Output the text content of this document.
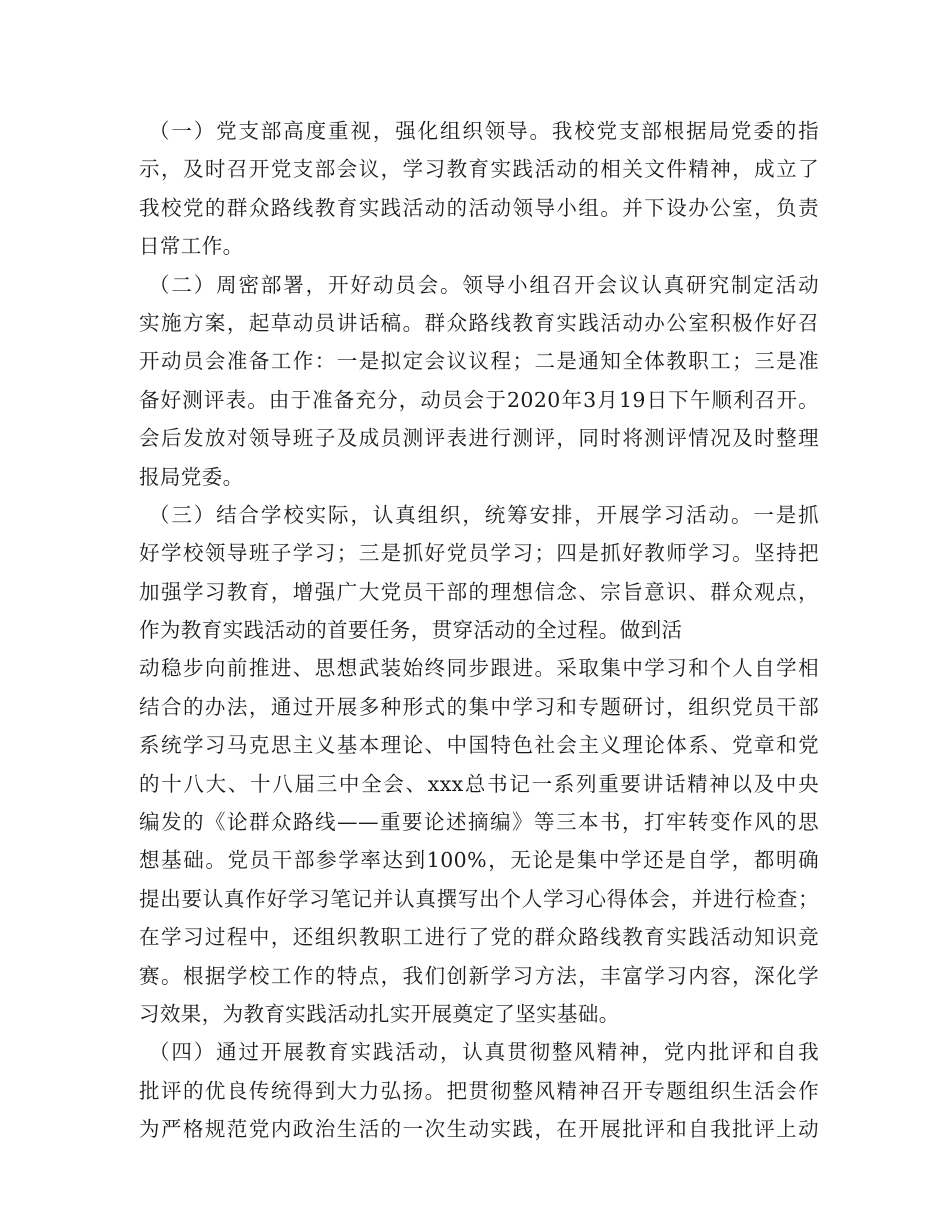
（一）党支部高度重视，强化组织领导。我校党支部根据局党委的指
示，及时召开党支部会议，学习教育实践活动的相关文件精神，成立了
我校党的群众路线教育实践活动的活动领导小组。并下设办公室，负责
日常工作。
（二）周密部署，开好动员会。领导小组召开会议认真研究制定活动
实施方案，起草动员讲话稿。群众路线教育实践活动办公室积极作好召
开动员会准备工作：一是拟定会议议程；二是通知全体教职工；三是准
备好测评表。由于准备充分，动员会于2020年3月19日下午顺利召开。
会后发放对领导班子及成员测评表进行测评，同时将测评情况及时整理
报局党委。
（三）结合学校实际，认真组织，统筹安排，开展学习活动。一是抓
好学校领导班子学习；三是抓好党员学习；四是抓好教师学习。坚持把
加强学习教育，增强广大党员干部的理想信念、宗旨意识、群众观点，
作为教育实践活动的首要任务，贯穿活动的全过程。做到活
动稳步向前推进、思想武装始终同步跟进。采取集中学习和个人自学相
结合的办法，通过开展多种形式的集中学习和专题研讨，组织党员干部
系统学习马克思主义基本理论、中国特色社会主义理论体系、党章和党
的十八大、十八届三中全会、xxx总书记一系列重要讲话精神以及中央
编发的《论群众路线——重要论述摘编》等三本书，打牢转变作风的思
想基础。党员干部参学率达到100%，无论是集中学还是自学，都明确
提出要认真作好学习笔记并认真撰写出个人学习心得体会，并进行检查；
在学习过程中，还组织教职工进行了党的群众路线教育实践活动知识竞
赛。根据学校工作的特点，我们创新学习方法，丰富学习内容，深化学
习效果，为教育实践活动扎实开展奠定了坚实基础。
（四）通过开展教育实践活动，认真贯彻整风精神，党内批评和自我
批评的优良传统得到大力弘扬。把贯彻整风精神召开专题组织生活会作
为严格规范党内政治生活的一次生动实践，在开展批评和自我批评上动
